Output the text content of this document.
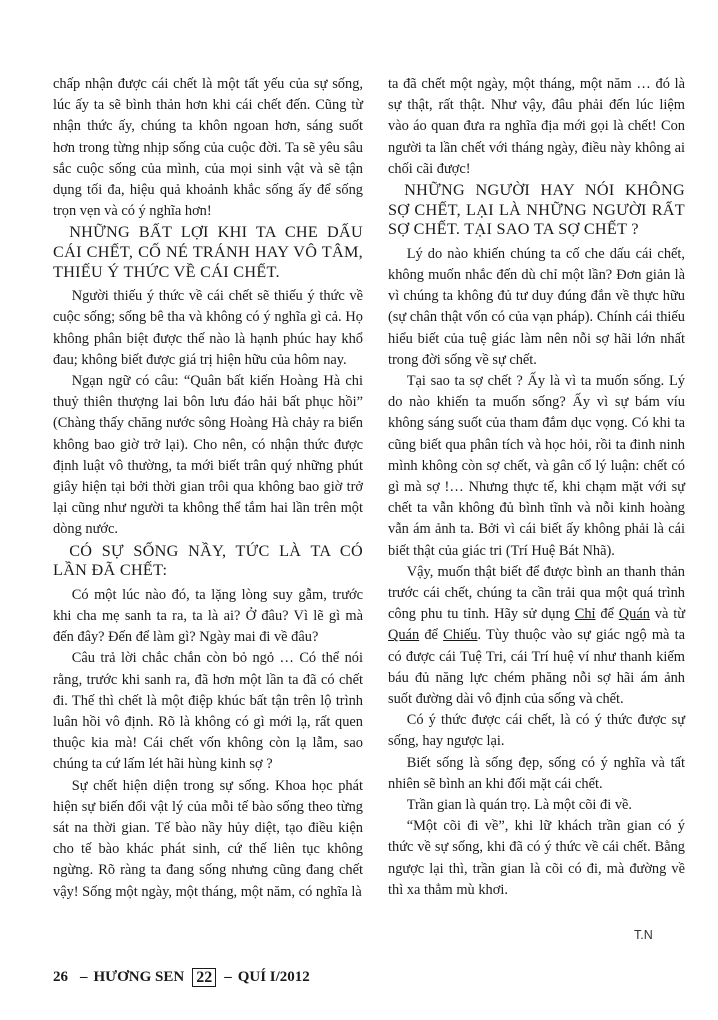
chấp nhận được cái chết là một tất yếu của sự sống, lúc ấy ta sẽ bình thản hơn khi cái chết đến. Cũng từ nhận thức ấy, chúng ta khôn ngoan hơn, sáng suốt hơn trong từng nhịp sống của cuộc đời. Ta sẽ yêu sâu sắc cuộc sống của mình, của mọi sinh vật và sẽ tận dụng tối đa, hiệu quả khoảnh khắc sống ấy để sống trọn vẹn và có ý nghĩa hơn!

NHỮNG BẤT LỢI KHI TA CHE DẤU CÁI CHẾT, CỐ NÉ TRÁNH HAY VÔ TÂM, THIẾU Ý THỨC VỀ CÁI CHẾT.

Người thiếu ý thức về cái chết sẽ thiếu ý thức về cuộc sống; sống bê tha và không có ý nghĩa gì cả. Họ không phân biệt được thế nào là hạnh phúc hay khổ đau; không biết được giá trị hiện hữu của hôm nay.

Ngạn ngữ có câu: “Quân bất kiến Hoàng Hà chi thuỷ thiên thượng lai bôn lưu đáo hải bất phục hồi” (Chàng thấy chăng nước sông Hoàng Hà chảy ra biển không bao giờ trở lại). Cho nên, có nhận thức được định luật vô thường, ta mới biết trân quý những phút giây hiện tại bởi thời gian trôi qua không bao giờ trở lại cũng như người ta không thể tắm hai lần trên một dòng nước.

CÓ SỰ SỐNG NẦY, TỨC LÀ TA CÓ LẦN ĐÃ CHẾT:

Có một lúc nào đó, ta lặng lòng suy gẫm, trước khi cha mẹ sanh ta ra, ta là ai? Ở đâu? Vì lẽ gì mà đến đây? Đến để làm gì? Ngày mai đi về đâu?

Câu trả lời chắc chắn còn bỏ ngỏ … Có thể nói rằng, trước khi sanh ra, đã hơn một lần ta đã có chết đi. Thế thì chết là một điệp khúc bất tận trên lộ trình luân hồi vô định. Rõ là không có gì mới lạ, rất quen thuộc kia mà! Cái chết vốn không còn lạ lẫm, sao chúng ta cứ lấm lét hãi hùng kinh sợ ?

Sự chết hiện diện trong sự sống. Khoa học phát hiện sự biến đổi vật lý của mỗi tế bào sống theo từng sát na thời gian. Tế bào nầy hủy diệt, tạo điều kiện cho tế bào khác phát sinh, cứ thế liên tục không ngừng. Rõ ràng ta đang sống nhưng cũng đang chết vậy! Sống một ngày, một tháng, một năm, có nghĩa là

ta đã chết một ngày, một tháng, một năm … đó là sự thật, rất thật. Như vậy, đâu phải đến lúc liệm vào áo quan đưa ra nghĩa địa mới gọi là chết! Con người ta lần chết với tháng ngày, điều này không ai chối cãi được!

NHỮNG NGƯỜI HAY NÓI KHÔNG SỢ CHẾT, LẠI LÀ NHỮNG NGƯỜI RẤT SỢ CHẾT. TẠI SAO TA SỢ CHẾT ?

Lý do nào khiến chúng ta cố che dấu cái chết, không muốn nhắc đến dù chỉ một lần? Đơn giản là vì chúng ta không đủ tư duy đúng đắn về thực hữu (sự chân thật vốn có của vạn pháp). Chính cái thiếu hiểu biết của tuệ giác làm nên nỗi sợ hãi lớn nhất trong đời sống về sự chết.

Tại sao ta sợ chết ? Ấy là vì ta muốn sống. Lý do nào khiến ta muốn sống? Ấy vì sự bám víu không sáng suốt của tham đắm dục vọng. Có khi ta cũng biết qua phân tích và học hỏi, rồi ta đinh ninh mình không còn sợ chết, và gân cổ lý luận: chết có gì mà sợ !… Nhưng thực tế, khi chạm mặt với sự chết ta vẫn không đủ bình tĩnh và nỗi kinh hoàng vẫn ám ảnh ta. Bởi vì cái biết ấy không phải là cái biết thật của giác tri (Trí Huệ Bát Nhã).

Vậy, muốn thật biết để được bình an thanh thản trước cái chết, chúng ta cần trải qua một quá trình công phu tu tỉnh. Hãy sử dụng Chỉ để Quán và từ Quán để Chiếu. Tùy thuộc vào sự giác ngộ mà ta có được cái Tuệ Tri, cái Trí huệ ví như thanh kiếm báu đủ năng lực chém phăng nỗi sợ hãi ám ảnh suốt đường dài vô định của sống và chết.

Có ý thức được cái chết, là có ý thức được sự sống, hay ngược lại.

Biết sống là sống đẹp, sống có ý nghĩa và tất nhiên sẽ bình an khi đối mặt cái chết.

Trần gian là quán trọ. Là một cõi đi về.

“Một cõi đi về”, khi lữ khách trần gian có ý thức về sự sống, khi đã có ý thức về cái chết. Bằng ngược lại thì, trần gian là cõi có đi, mà đường về thì xa thẳm mù khơi.

T.N
26 – HƯƠNG SEN 22 – QUÍ I/2012
